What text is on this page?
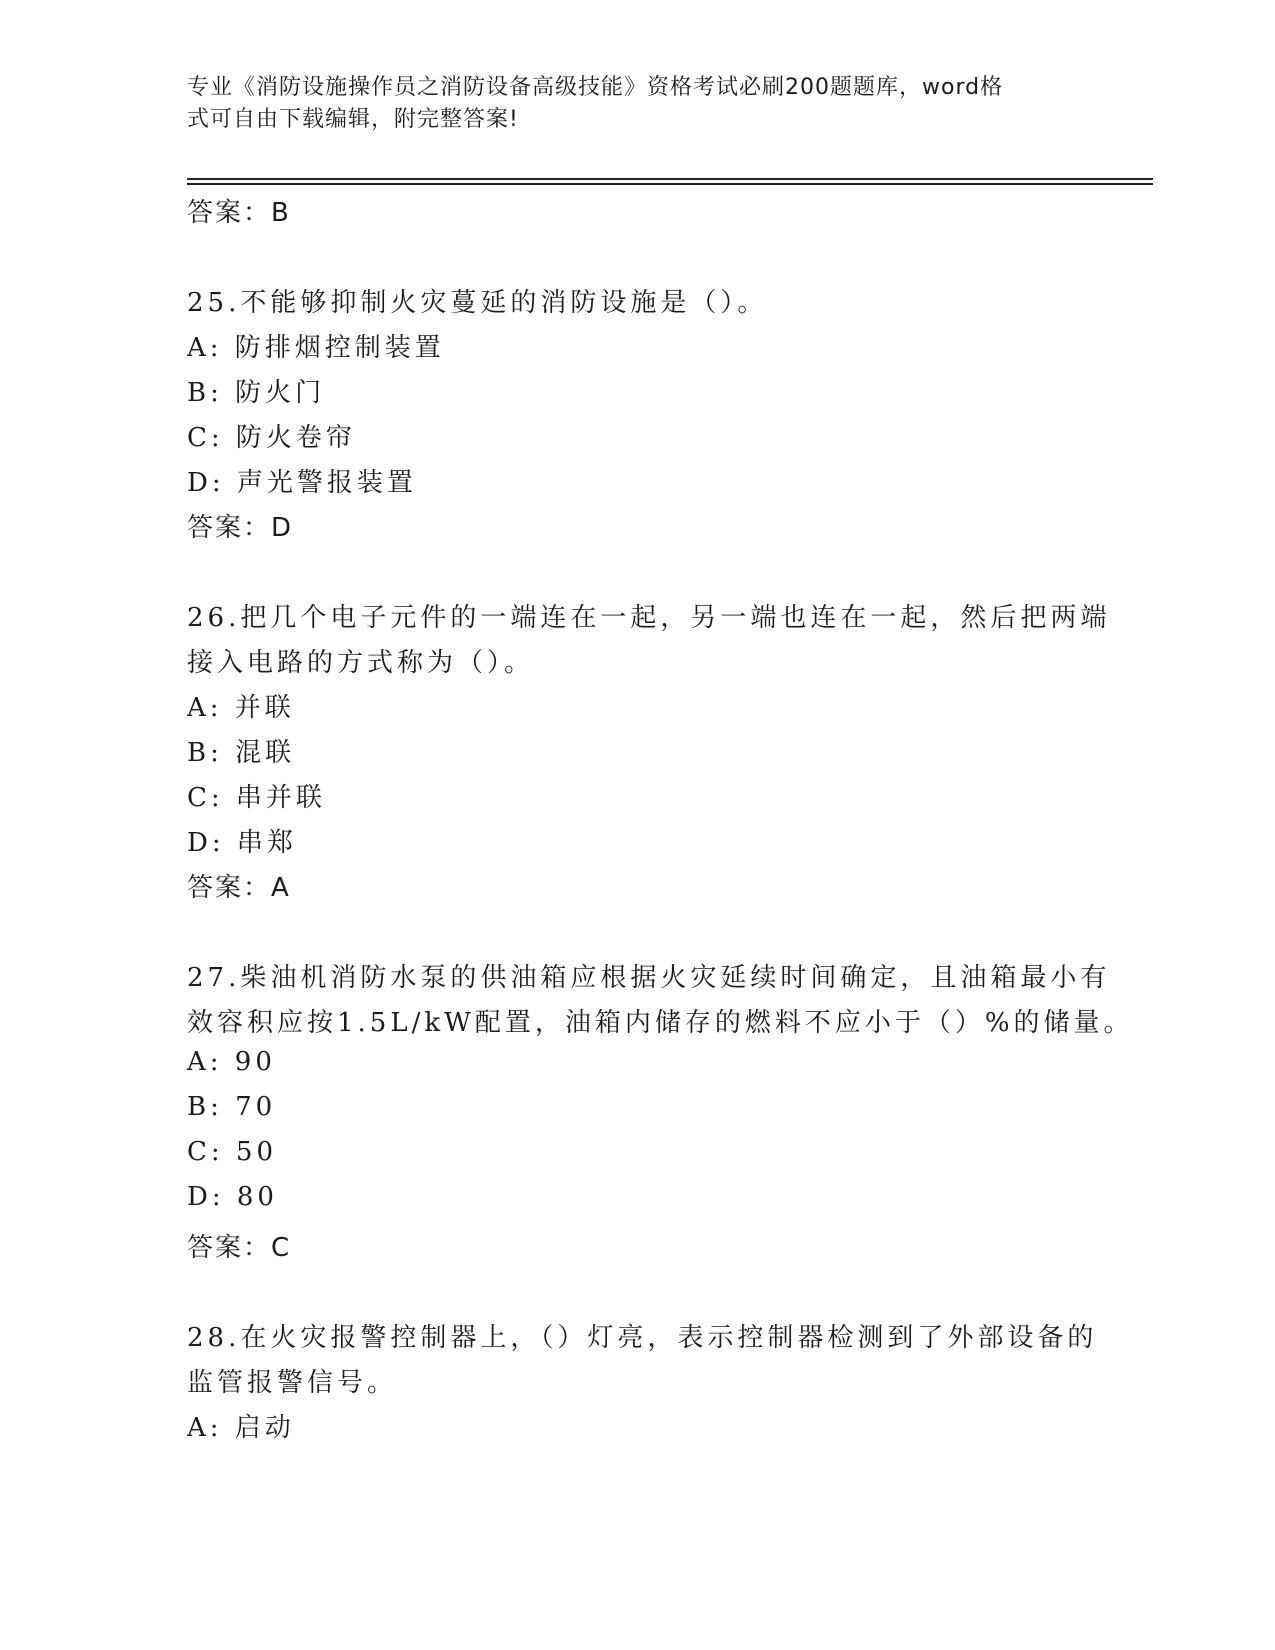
专业《消防设施操作员之消防设备高级技能》资格考试必刷200题题库，word格
式可自由下载编辑，附完整答案!
答案：B
25.不能够抑制火灾蔓延的消防设施是（）。
A: 防排烟控制装置
B: 防火门
C: 防火卷帘
D: 声光警报装置
答案：D
26.把几个电子元件的一端连在一起，另一端也连在一起，然后把两端
接入电路的方式称为（）。
A: 并联
B: 混联
C: 串并联
D: 串郑
答案：A
27.柴油机消防水泵的供油箱应根据火灾延续时间确定，且油箱最小有
效容积应按1.5L/kW配置，油箱内储存的燃料不应小于（）%的储量。
A: 90
B: 70
C: 50
D: 80
答案：C
28.在火灾报警控制器上，（）灯亮，表示控制器检测到了外部设备的
监管报警信号。
A: 启动
